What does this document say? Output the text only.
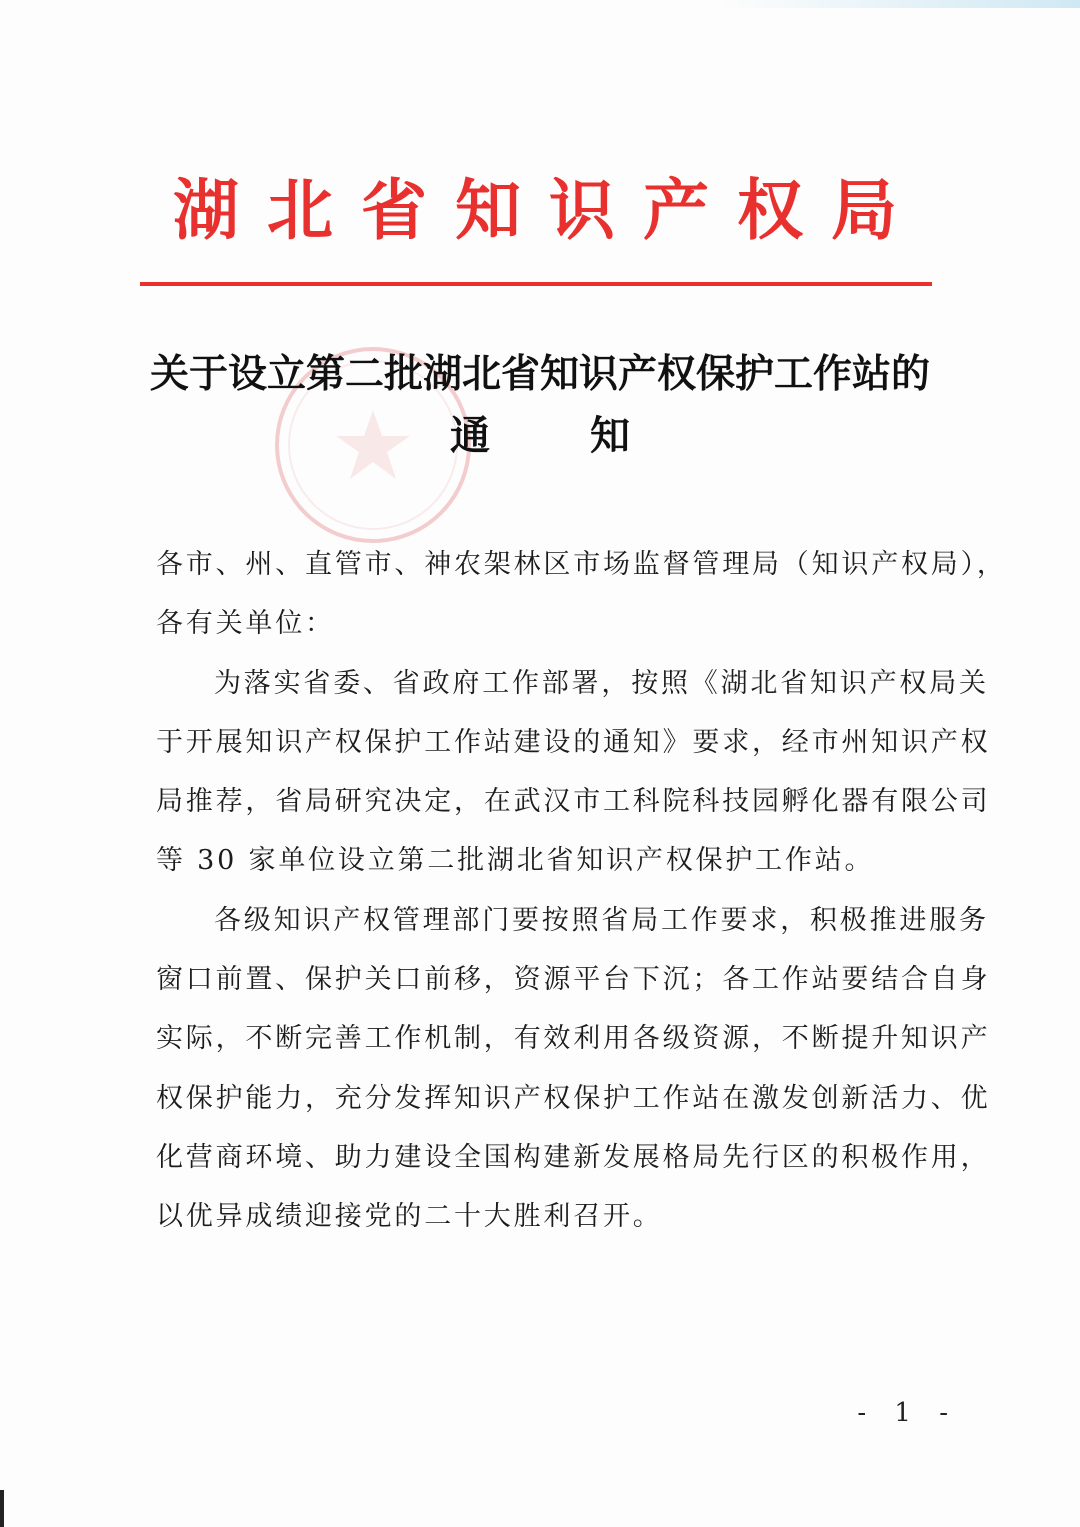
湖北省知识产权局
关于设立第二批湖北省知识产权保护工作站的
通知

各市、州、直管市、神农架林区市场监督管理局（知识产权局），

各有关单位：

为落实省委、省政府工作部署，按照《湖北省知识产权局关

于开展知识产权保护工作站建设的通知》要求，经市州知识产权

局推荐，省局研究决定，在武汉市工科院科技园孵化器有限公司

等 30 家单位设立第二批湖北省知识产权保护工作站。

各级知识产权管理部门要按照省局工作要求，积极推进服务

窗口前置、保护关口前移，资源平台下沉；各工作站要结合自身

实际，不断完善工作机制，有效利用各级资源，不断提升知识产

权保护能力，充分发挥知识产权保护工作站在激发创新活力、优

化营商环境、助力建设全国构建新发展格局先行区的积极作用，

以优异成绩迎接党的二十大胜利召开。

- 1 -
